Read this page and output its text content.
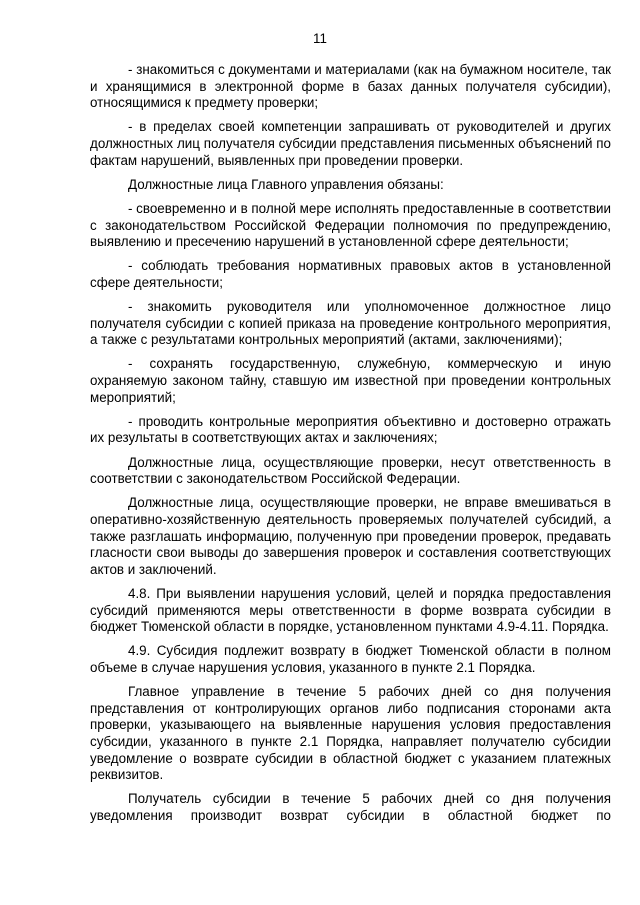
11

- знакомиться с документами и материалами (как на бумажном носителе, так и хранящимися в электронной форме в базах данных получателя субсидии), относящимися к предмету проверки;

- в пределах своей компетенции запрашивать от руководителей и других должностных лиц получателя субсидии представления письменных объяснений по фактам нарушений, выявленных при проведении проверки.

Должностные лица Главного управления обязаны:

- своевременно и в полной мере исполнять предоставленные в соответствии с законодательством Российской Федерации полномочия по предупреждению, выявлению и пресечению нарушений в установленной сфере деятельности;

- соблюдать требования нормативных правовых актов в установленной сфере деятельности;

- знакомить руководителя или уполномоченное должностное лицо получателя субсидии с копией приказа на проведение контрольного мероприятия, а также с результатами контрольных мероприятий (актами, заключениями);

- сохранять государственную, служебную, коммерческую и иную охраняемую законом тайну, ставшую им известной при проведении контрольных мероприятий;

- проводить контрольные мероприятия объективно и достоверно отражать их результаты в соответствующих актах и заключениях;

Должностные лица, осуществляющие проверки, несут ответственность в соответствии с законодательством Российской Федерации.

Должностные лица, осуществляющие проверки, не вправе вмешиваться в оперативно-хозяйственную деятельность проверяемых получателей субсидий, а также разглашать информацию, полученную при проведении проверок, предавать гласности свои выводы до завершения проверок и составления соответствующих актов и заключений.

4.8. При выявлении нарушения условий, целей и порядка предоставления субсидий применяются меры ответственности в форме возврата субсидии в бюджет Тюменской области в порядке, установленном пунктами 4.9-4.11. Порядка.

4.9. Субсидия подлежит возврату в бюджет Тюменской области в полном объеме в случае нарушения условия, указанного в пункте 2.1 Порядка.

Главное управление в течение 5 рабочих дней со дня получения представления от контролирующих органов либо подписания сторонами акта проверки, указывающего на выявленные нарушения условия предоставления субсидии, указанного в пункте 2.1 Порядка, направляет получателю субсидии уведомление о возврате субсидии в областной бюджет с указанием платежных реквизитов.

Получатель субсидии в течение 5 рабочих дней со дня получения уведомления производит возврат субсидии в областной бюджет по
